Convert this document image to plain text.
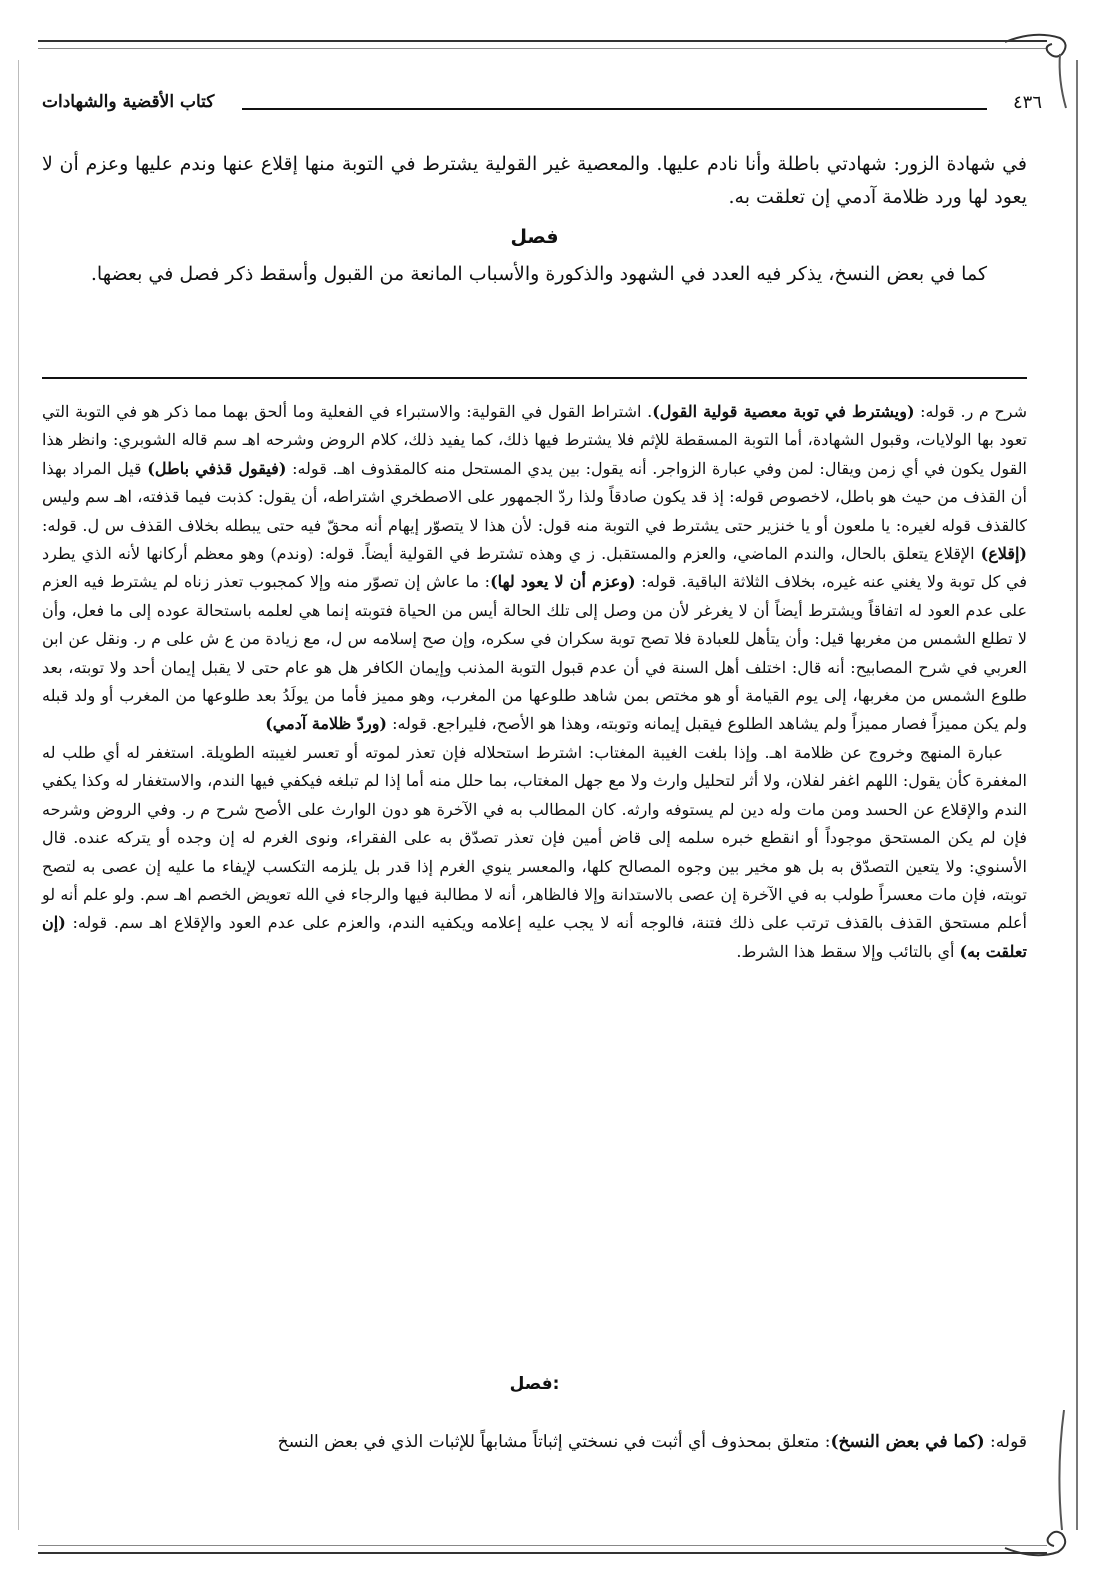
٤٣٦
كتاب الأقضية والشهادات

في شهادة الزور: شهادتي باطلة وأنا نادم عليها. والمعصية غير القولية يشترط في التوبة منها إقلاع عنها وندم عليها وعزم أن لا يعود لها ورد ظلامة آدمي إن تعلقت به.

فصل

كما في بعض النسخ، يذكر فيه العدد في الشهود والذكورة والأسباب المانعة من القبول وأسقط ذكر فصل في بعضها.

شرح م ر. قوله: (ويشترط في توبة معصية قولية القول). اشتراط القول في القولية: والاستبراء في الفعلية وما ألحق بهما مما ذكر هو في التوبة التي تعود بها الولايات، وقبول الشهادة، أما التوبة المسقطة للإثم فلا يشترط فيها ذلك، كما يفيد ذلك، كلام الروض وشرحه اهـ سم قاله الشوبري: وانظر هذا القول يكون في أي زمن ويقال: لمن وفي عبارة الزواجر. أنه يقول: بين يدي المستحل منه كالمقذوف اهـ. قوله: (فيقول قذفي باطل) قيل المراد بهذا أن القذف من حيث هو باطل، لاخصوص قوله: إذ قد يكون صادقاً ولذا ردّ الجمهور على الاصطخري اشتراطه، أن يقول: كذبت فيما قذفته، اهـ سم وليس كالقذف قوله لغيره: يا ملعون أو يا خنزير حتى يشترط في التوبة منه قول: لأن هذا لا يتصوّر إيهام أنه محقّ فيه حتى يبطله بخلاف القذف س ل. قوله: (إقلاع) الإقلاع يتعلق بالحال، والندم الماضي، والعزم والمستقبل. ز ي وهذه تشترط في القولية أيضاً. قوله: (وندم) وهو معظم أركانها لأنه الذي يطرد في كل توبة ولا يغني عنه غيره، بخلاف الثلاثة الباقية. قوله: (وعزم أن لا يعود لها): ما عاش إن تصوّر منه وإلا كمجبوب تعذر زناه لم يشترط فيه العزم على عدم العود له اتفاقاً ويشترط أيضاً أن لا يغرغر لأن من وصل إلى تلك الحالة أيس من الحياة فتوبته إنما هي لعلمه باستحالة عوده إلى ما فعل، وأن لا تطلع الشمس من مغربها قيل: وأن يتأهل للعبادة فلا تصح توبة سكران في سكره، وإن صح إسلامه س ل، مع زيادة من ع ش على م ر. ونقل عن ابن العربي في شرح المصابيح: أنه قال: اختلف أهل السنة في أن عدم قبول التوبة المذنب وإيمان الكافر هل هو عام حتى لا يقبل إيمان أحد ولا توبته، بعد طلوع الشمس من مغربها، إلى يوم القيامة أو هو مختص بمن شاهد طلوعها من المغرب، وهو مميز فأما من يولَدُ بعد طلوعها من المغرب أو ولد قبله ولم يكن مميزاً فصار مميزاً ولم يشاهد الطلوع فيقبل إيمانه وتوبته، وهذا هو الأصح، فليراجع. قوله: (وردّ ظلامة آدمي)

عبارة المنهج وخروج عن ظلامة اهـ. وإذا بلغت الغيبة المغتاب: اشترط استحلاله فإن تعذر لموته أو تعسر لغيبته الطويلة. استغفر له أي طلب له المغفرة كأن يقول: اللهم اغفر لفلان، ولا أثر لتحليل وارث ولا مع جهل المغتاب، بما حلل منه أما إذا لم تبلغه فيكفي فيها الندم، والاستغفار له وكذا يكفي الندم والإقلاع عن الحسد ومن مات وله دين لم يستوفه وارثه. كان المطالب به في الآخرة هو دون الوارث على الأصح شرح م ر. وفي الروض وشرحه فإن لم يكن المستحق موجوداً أو انقطع خبره سلمه إلى قاض أمين فإن تعذر تصدّق به على الفقراء، ونوى الغرم له إن وجده أو يتركه عنده. قال الأسنوي: ولا يتعين التصدّق به بل هو مخير بين وجوه المصالح كلها، والمعسر ينوي الغرم إذا قدر بل يلزمه التكسب لإيفاء ما عليه إن عصى به لتصح توبته، فإن مات معسراً طولب به في الآخرة إن عصى بالاستدانة وإلا فالظاهر، أنه لا مطالبة فيها والرجاء في الله تعويض الخصم اهـ سم. ولو علم أنه لو أعلم مستحق القذف بالقذف ترتب على ذلك فتنة، فالوجه أنه لا يجب عليه إعلامه ويكفيه الندم، والعزم على عدم العود والإقلاع اهـ سم. قوله: (إن تعلقت به) أي بالتائب وإلا سقط هذا الشرط.

فصل:
قوله: (كما في بعض النسخ): متعلق بمحذوف أي أثبت في نسختي إثباتاً مشابهاً للإثبات الذي في بعض النسخ
